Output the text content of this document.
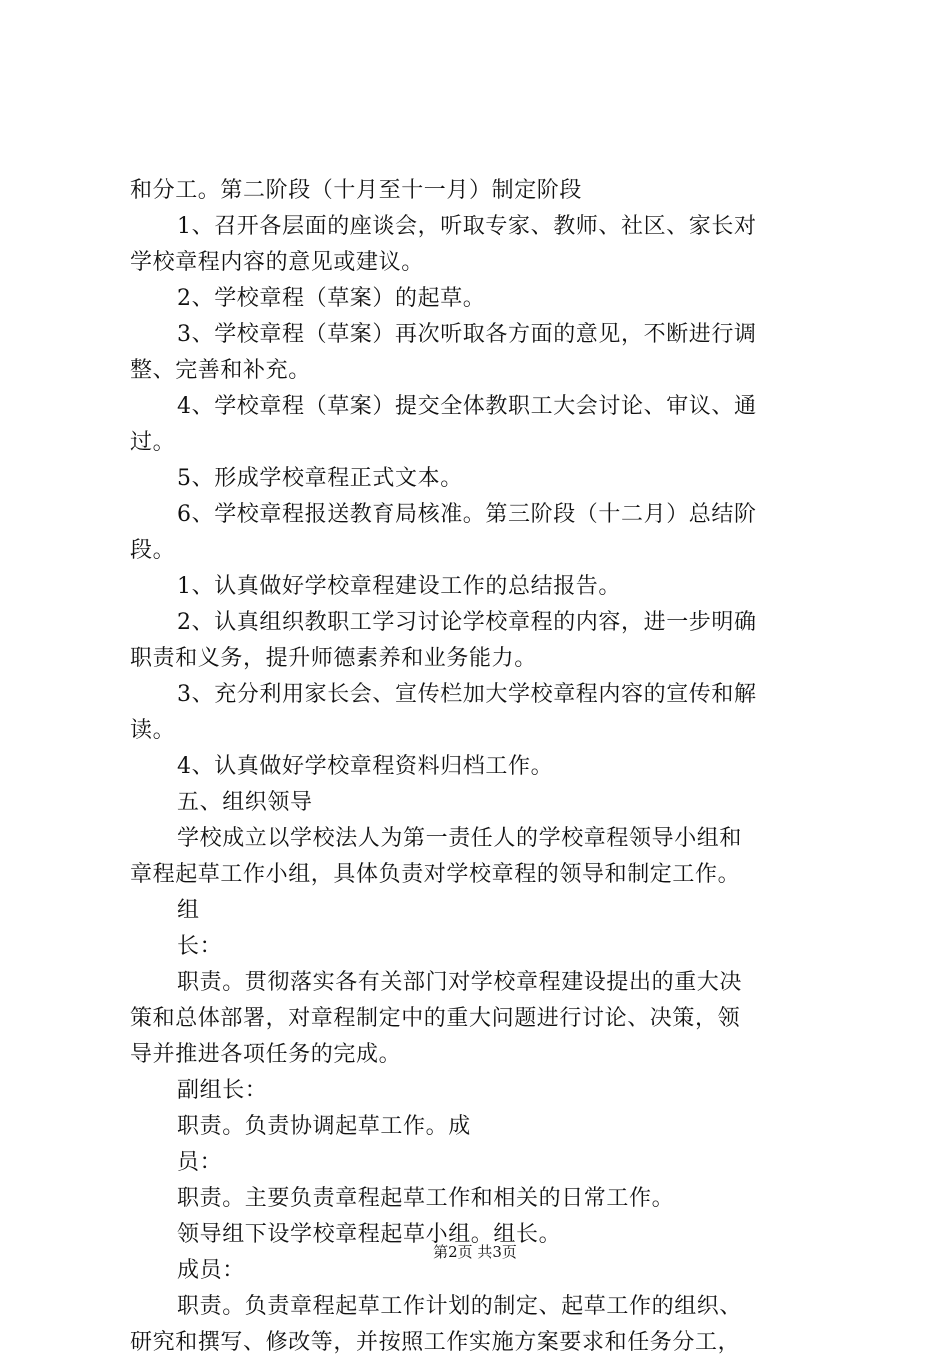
和分工。第二阶段（十月至十一月）制定阶段
1、召开各层面的座谈会，听取专家、教师、社区、家长对
学校章程内容的意见或建议。
2、学校章程（草案）的起草。
3、学校章程（草案）再次听取各方面的意见，不断进行调
整、完善和补充。
4、学校章程（草案）提交全体教职工大会讨论、审议、通
过。
5、形成学校章程正式文本。
6、学校章程报送教育局核准。第三阶段（十二月）总结阶
段。
1、认真做好学校章程建设工作的总结报告。
2、认真组织教职工学习讨论学校章程的内容，进一步明确
职责和义务，提升师德素养和业务能力。
3、充分利用家长会、宣传栏加大学校章程内容的宣传和解
读。
4、认真做好学校章程资料归档工作。
五、组织领导
学校成立以学校法人为第一责任人的学校章程领导小组和
章程起草工作小组，具体负责对学校章程的领导和制定工作。
组
长：
职责。贯彻落实各有关部门对学校章程建设提出的重大决
策和总体部署，对章程制定中的重大问题进行讨论、决策，领
导并推进各项任务的完成。
副组长：
职责。负责协调起草工作。成
员：
职责。主要负责章程起草工作和相关的日常工作。
领导组下设学校章程起草小组。组长。
成员：
职责。负责章程起草工作计划的制定、起草工作的组织、
研究和撰写、修改等，并按照工作实施方案要求和任务分工，
第2页 共3页
